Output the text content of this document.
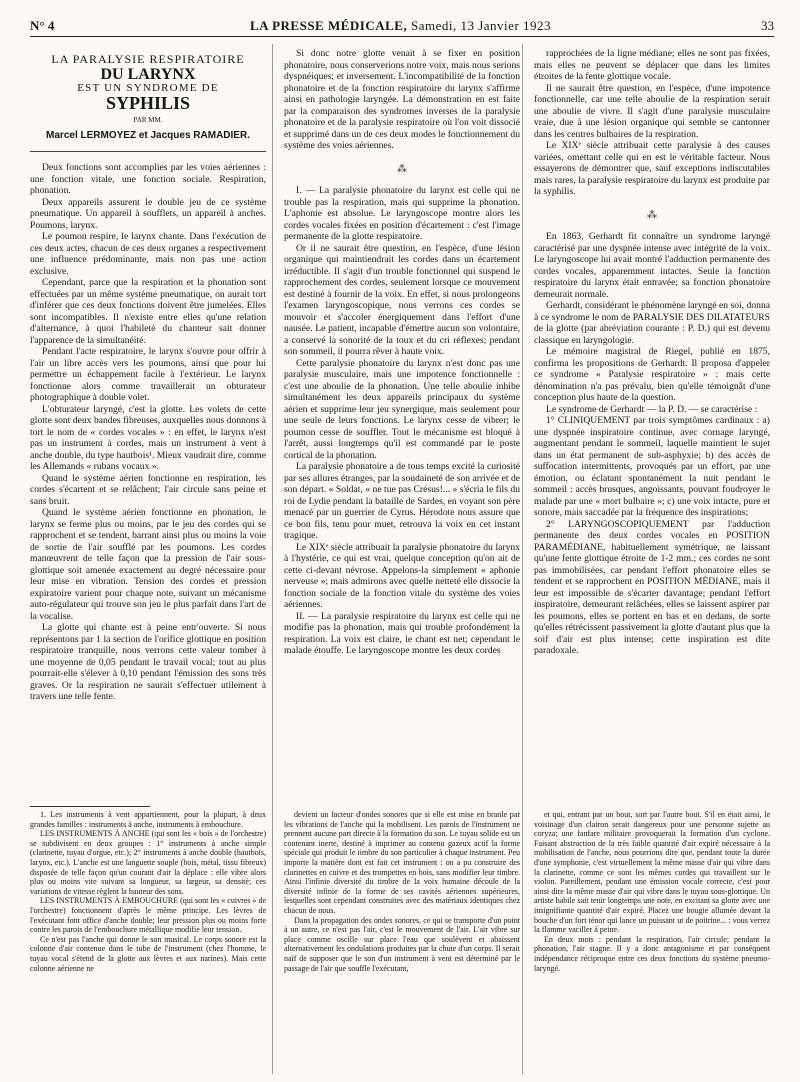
N° 4	LA PRESSE MÉDICALE, Samedi, 13 Janvier 1923	33
LA PARALYSIE RESPIRATOIRE
DU LARYNX
EST UN SYNDROME DE
SYPHILIS
PAR MM.
Marcel LERMOYEZ et Jacques RAMADIER.

Deux fonctions sont accomplies par les voies aériennes : une fonction vitale, une fonction sociale. Respiration, phonation.

Deux appareils assurent le double jeu de ce système pneumatique. Un appareil à soufflets, un appareil à anches. Poumons, larynx.

Le poumon respire, le larynx chante. Dans l'exécution de ces deux actes, chacun de ces deux organes a respectivement une influence prédominante, mais non pas une action exclusive.

Cependant, parce que la respiration et la phonation sont effectuées par un même système pneumatique, on aurait tort d'inférer que ces deux fonctions doivent être jumelées. Elles sont incompatibles. Il n'existe entre elles qu'une relation d'alternance, à quoi l'habileté du chanteur sait donner l'apparence de la simultanéité.

Pendant l'acte respiratoire, le larynx s'ouvre pour offrir à l'air un libre accès vers les poumons, ainsi que pour lui permettre un échappement facile à l'extérieur. Le larynx fonctionne alors comme travaillerait un obturateur photographique à double volet.

L'obturateur laryngé, c'est la glotte. Les volets de cette glotte sont deux bandes fibreuses, auxquelles nous donnons à tort le nom de « cordes vocales » : en effet, le larynx n'est pas un instrument à cordes, mais un instrument à vent à anche double, du type hautbois¹. Mieux vaudrait dire, comme les Allemands « rubans vocaux ».

Quand le système aérien fonctionne en respiration, les cordes s'écartent et se relâchent; l'air circule sans peine et sans bruit.

Quand le système aérien fonctionne en phonation, le larynx se ferme plus ou moins, par le jeu des cordes qui se rapprochent et se tendent, barrant ainsi plus ou moins la voie de sortie de l'air soufflé par les poumons. Les cordes manœuvrent de telle façon que la pression de l'air sous-glottique soit amenée exactement au degré nécessaire pour leur mise en vibration. Tension des cordes et pression expiratoire varient pour chaque note, suivant un mécanisme auto-régulateur qui trouve son jeu le plus parfait dans l'art de la vocalise.

La glotte qui chante est à peine entr'ouverte. Si nous représentons par 1 la section de l'orifice glottique en position respiratoire tranquille, nous verrons cette valeur tomber à une moyenne de 0,05 pendant le travail vocal; tout au plus pourrait-elle s'élever à 0,10 pendant l'émission des sons très graves. Or la respiration ne saurait s'effectuer utilement à travers une telle fente.

Si donc notre glotte venait à se fixer en position phonatoire, nous conserverions notre voix, mais nous serions dyspnéiques; et inversement. L'incompatibilité de la fonction phonatoire et de la fonction respiratoire du larynx s'affirme ainsi en pathologie laryngée. La démonstration en est faite par la comparaison des syndromes inverses de la paralysie phonatoire et de la paralysie respiratoire où l'on voit dissocié et supprimé dans un de ces deux modes le fonctionnement du système des voies aériennes.

⁂

I. — La paralysie phonatoire du larynx est celle qui ne trouble pas la respiration, mais qui supprime la phonation. L'aphonie est absolue. Le laryngoscope montre alors les cordes vocales fixées en position d'écartement : c'est l'image permanente de la glotte respiratoire.

Or il ne saurait être question, en l'espèce, d'une lésion organique qui maintiendrait les cordes dans un écartement irréductible. Il s'agit d'un trouble fonctionnel qui suspend le rapprochement des cordes, seulement lorsque ce mouvement est destiné à fournir de la voix. En effet, si nous prolongeons l'examen laryngoscopique, nous verrons ces cordes se mouvoir et s'accoler énergiquement dans l'effort d'une nausée. Le patient, incapable d'émettre aucun son volontaire, a conservé la sonorité de la toux et du cri réflexes; pendant son sommeil, il pourra rêver à haute voix.

Cette paralysie phonatoire du larynx n'est donc pas une paralysie musculaire, mais une impotence fonctionnelle : c'est une aboulie de la phonation. Une telle aboulie inhibe simultanément les deux appareils principaux du système aérien et supprime leur jeu synergique, mais seulement pour une seule de leurs fonctions. Le larynx cesse de vibrer; le poumon cesse de souffler. Tout le mécanisme est bloqué à l'arrêt, aussi longtemps qu'il est commandé par le poste cortical de la phonation.

La paralysie phonatoire a de tous temps excité la curiosité par ses allures étranges, par la soudaineté de son arrivée et de son départ. « Soldat, « ne tue pas Crésus!... » s'écria le fils du roi de Lydie pendant la bataille de Sardes, en voyant son père menacé par un guerrier de Cyrus. Hérodote nous assure que ce bon fils, tenu pour muet, retrouva la voix en cet instant tragique.

Le XIXᵉ siècle attribuait la paralysie phonatoire du larynx à l'hystérie, ce qui est vrai, quelque conception qu'on ait de cette ci-devant névrose. Appelons-la simplement « aphonie nerveuse »; mais admirons avec quelle netteté elle dissocie la fonction sociale de la fonction vitale du système des voies aériennes.

II. — La paralysie respiratoire du larynx est celle qui ne modifie pas la phonation, mais qui trouble profondément la respiration. La voix est claire, le chant est net; cependant le malade étouffe. Le laryngoscope montre les deux cordes

rapprochées de la ligne médiane; elles ne sont pas fixées, mais elles ne peuvent se déplacer que dans les limites étroites de la fente glottique vocale.

Il ne saurait être question, en l'espèce, d'une impotence fonctionnelle, car une telle aboulie de la respiration serait une aboulie de vivre. Il s'agit d'une paralysie musculaire vraie, due à une lésion organique qui semble se cantonner dans les centres bulbaires de la respiration.

Le XIXᵉ siècle attribuait cette paralysie à des causes variées, omettant celle qui en est le véritable facteur. Nous essayerons de démontrer que, sauf exceptions indiscutables mais rares, la paralysie respiratoire du larynx est produite par la syphilis.

⁂

En 1863, Gerhardt fit connaître un syndrome laryngé caractérisé par une dyspnée intense avec intégrité de la voix. Le laryngoscope lui avait montré l'adduction permanente des cordes vocales, apparemment intactes. Seule la fonction respiratoire du larynx était entravée; sa fonction phonatoire demeurait normale.

Gerhardt, considérant le phénomène laryngé en soi, donna à ce syndrome le nom de PARALYSIE DES DILATATEURS de la glotte (par abréviation courante : P. D.) qui est devenu classique en laryngologie.

Le mémoire magistral de Riegel, publié en 1875, confirma les propositions de Gerhardt. Il proposa d'appeler ce syndrome « Paralysie respiratoire » : mais cette dénomination n'a pas prévalu, bien qu'elle témoignât d'une conception plus haute de la question.

Le syndrome de Gerhardt — la P. D. — se caractérise :

1° CLINIQUEMENT par trois symptômes cardinaux : a) une dyspnée inspiratoire continue, avec cornage laryngé, augmentant pendant le sommeil, laquelle maintient le sujet dans un état permanent de sub-asphyxie; b) des accès de suffocation intermittents, provoqués par un effort, par une émotion, ou éclatant spontanément la nuit pendant le sommeil : accès brusques, angoissants, pouvant foudroyer le malade par une « mort bulbaire »; c) une voix intacte, pure et sonore, mais saccadée par la fréquence des inspirations;

2° LARYNGOSCOPIQUEMENT par l'adduction permanente des deux cordes vocales en POSITION PARAMÉDIANE, habituellement symétrique, ne laissant qu'une fente glottique étroite de 1-2 mm.; ces cordes ne sont pas immobilisées, car pendant l'effort phonatoire elles se tendent et se rapprochent en POSITION MÉDIANE, mais il leur est impossible de s'écarter davantage; pendant l'effort inspiratoire, demeurant relâchées, elles se laissent aspirer par les poumons, elles se portent en bas et en dedans, de sorte qu'elles rétrécissent passivement la glotte d'autant plus que la soif d'air est plus intense; cette inspiration est dite paradoxale.

1. Les instruments à vent appartiennent, pour la plupart, à deux grandes familles : instruments à anche, instruments à embouchure.

LES INSTRUMENTS À ANCHE (qui sont les « bois » de l'orchestre) se subdivisent en deux groupes : 1° instruments à anche simple (clarinette, tuyau d'orgue, etc.); 2° instruments à anche double (hautbois, larynx, etc.). L'anche est une languette souple (bois, métal, tissu fibreux) disposée de telle façon qu'un courant d'air la déplace : elle vibre alors plus ou moins vite suivant sa longueur, sa largeur, sa densité; ces variations de vitesse règlent la hauteur des sons.

LES INSTRUMENTS À EMBOUCHURE (qui sont les « cuivres » de l'orchestre) fonctionnent d'après le même principe. Les lèvres de l'exécutant font office d'anche double; leur pression plus ou moins forte contre les parois de l'embouchure métallique modifie leur tension.

Ce n'est pas l'anche qui donne le son musical. Le corps sonore est la colonne d'air contenue dans le tube de l'instrument (chez l'homme, le tuyau vocal s'étend de la glotte aux lèvres et aux narines). Mais cette colonne aérienne ne

devient un facteur d'ondes sonores que si elle est mise en branle par les vibrations de l'anche qui la mobilisent. Les parois de l'instrument ne prennent aucune part directe à la formation du son. Le tuyau solide est un contenant inerte, destiné à imprimer au contenu gazeux actif la forme spéciale qui produit le timbre du son particulier à chaque instrument. Peu importe la matière dont est fait cet instrument : on a pu construire des clarinettes en cuivre et des trompettes en bois, sans modifier leur timbre. Ainsi l'infinie diversité du timbre de la voix humaine découle de la diversité infinie de la forme de ses cavités aériennes supérieures, lesquelles sont cependant construites avec des matériaux identiques chez chacun de nous.

Dans la propagation des ondes sonores, ce qui se transporte d'un point à un autre, ce n'est pas l'air, c'est le mouvement de l'air. L'air vibre sur place comme oscille sur place l'eau que soulèvent et abaissent alternativement les ondulations produites par la chute d'un corps. Il serait naïf de supposer que le son d'un instrument à vent est déterminé par le passage de l'air que souffle l'exécutant,

et qui, entrant par un bout, sort par l'autre bout. S'il en était ainsi, le voisinage d'un clairon serait dangereux pour une personne sujette au coryza; une fanfare militaire provoquerait la formation d'un cyclone. Faisant abstraction de la très faible quantité d'air expiré nécessaire à la mobilisation de l'anche, nous pourrions dire que, pendant toute la durée d'une symphonie, c'est virtuellement la même masse d'air qui vibre dans la clarinette, comme ce sont les mêmes cordes qui travaillent sur le violon. Pareillement, pendant une émission vocale correcte, c'est pour ainsi dire la même masse d'air qui vibre dans le tuyau sous-glottique. Un artiste habile sait tenir longtemps une note, en excitant sa glotte avec une insignifiante quantité d'air expiré. Placez une bougie allumée devant la bouche d'un fort ténor qui lance un puissant ut de poitrine... : vous verrez la flamme vaciller à peine.

En deux mots : pendant la respiration, l'air circule; pendant la phonation, l'air stagne. Il y a donc antagonisme et par conséquent indépendance réciproque entre ces deux fonctions du système pneumo-laryngé.
